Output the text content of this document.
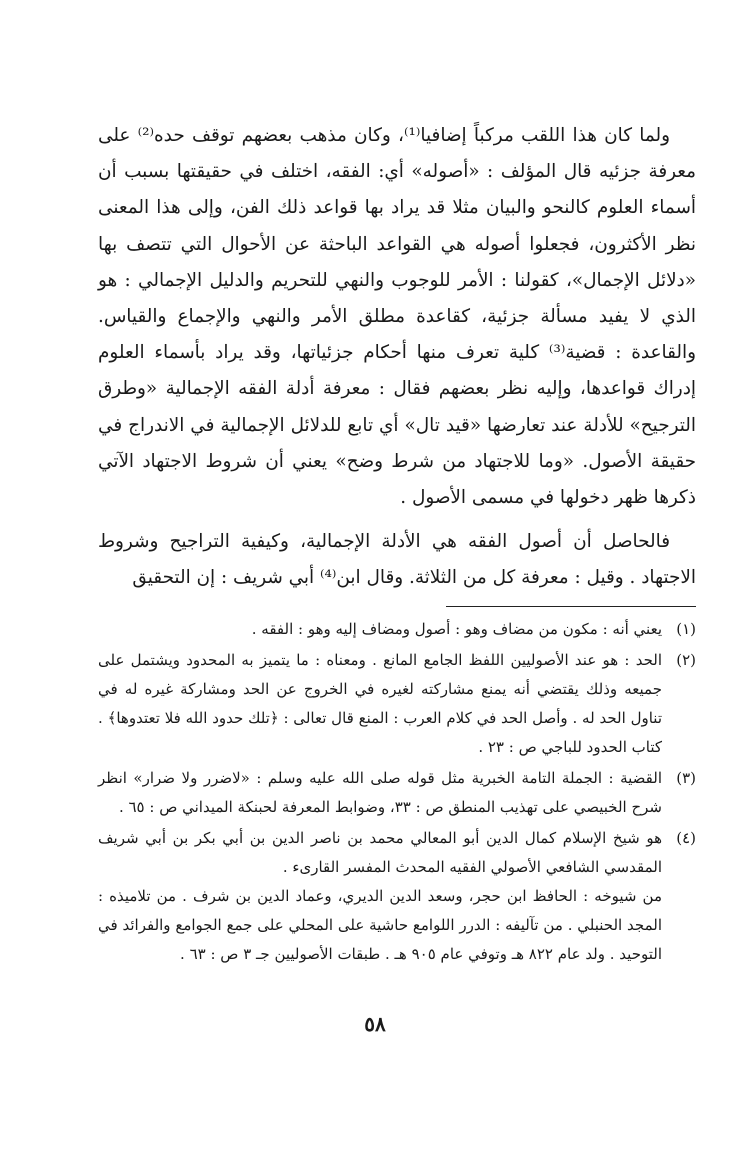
ولما كان هذا اللقب مركباً إضافيا⁽¹⁾، وكان مذهب بعضهم توقف حده⁽²⁾ على معرفة جزئيه قال المؤلف : «أصوله» أي: الفقه، اختلف في حقيقتها بسبب أن أسماء العلوم كالنحو والبيان مثلا قد يراد بها قواعد ذلك الفن، وإلى هذا المعنى نظر الأكثرون، فجعلوا أصوله هي القواعد الباحثة عن الأحوال التي تتصف بها «دلائل الإجمال»، كقولنا : الأمر للوجوب والنهي للتحريم والدليل الإجمالي : هو الذي لا يفيد مسألة جزئية، كقاعدة مطلق الأمر والنهي والإجماع والقياس. والقاعدة : قضية⁽³⁾ كلية تعرف منها أحكام جزئياتها، وقد يراد بأسماء العلوم إدراك قواعدها، وإليه نظر بعضهم فقال : معرفة أدلة الفقه الإجمالية «وطرق الترجيح» للأدلة عند تعارضها «قيد تال» أي تابع للدلائل الإجمالية في الاندراج في حقيقة الأصول. «وما للاجتهاد من شرط وضح» يعني أن شروط الاجتهاد الآتي ذكرها ظهر دخولها في مسمى الأصول .

فالحاصل أن أصول الفقه هي الأدلة الإجمالية، وكيفية التراجيح وشروط الاجتهاد . وقيل : معرفة كل من الثلاثة. وقال ابن⁽⁴⁾ أبي شريف : إن التحقيق

(١)
يعني أنه : مكون من مضاف وهو : أصول ومضاف إليه وهو : الفقه .
(٢)
الحد : هو عند الأصوليين اللفظ الجامع المانع . ومعناه : ما يتميز به المحدود ويشتمل على جميعه وذلك يقتضي أنه يمنع مشاركته لغيره في الخروج عن الحد ومشاركة غيره له في تناول الحد له . وأصل الحد في كلام العرب : المنع قال تعالى : ﴿تلك حدود الله فلا تعتدوها﴾ . كتاب الحدود للباجي ص : ٢٣ .
(٣)
القضية : الجملة التامة الخبرية مثل قوله صلى الله عليه وسلم : «لاضرر ولا ضرار» انظر شرح الخبيصي على تهذيب المنطق ص : ٣٣، وضوابط المعرفة لحبنكة الميداني ص : ٦٥ .
(٤)
هو شيخ الإسلام كمال الدين أبو المعالي محمد بن ناصر الدين بن أبي بكر بن أبي شريف المقدسي الشافعي الأصولي الفقيه المحدث المفسر القارىء .
من شيوخه : الحافظ ابن حجر، وسعد الدين الديري، وعماد الدين بن شرف . من تلاميذه : المجد الحنبلي . من تآليفه : الدرر اللوامع حاشية على المحلي على جمع الجوامع والفرائد في التوحيد . ولد عام ٨٢٢ هـ وتوفي عام ٩٠٥ هـ . طبقات الأصوليين جـ ٣ ص : ٦٣ .
٥٨
